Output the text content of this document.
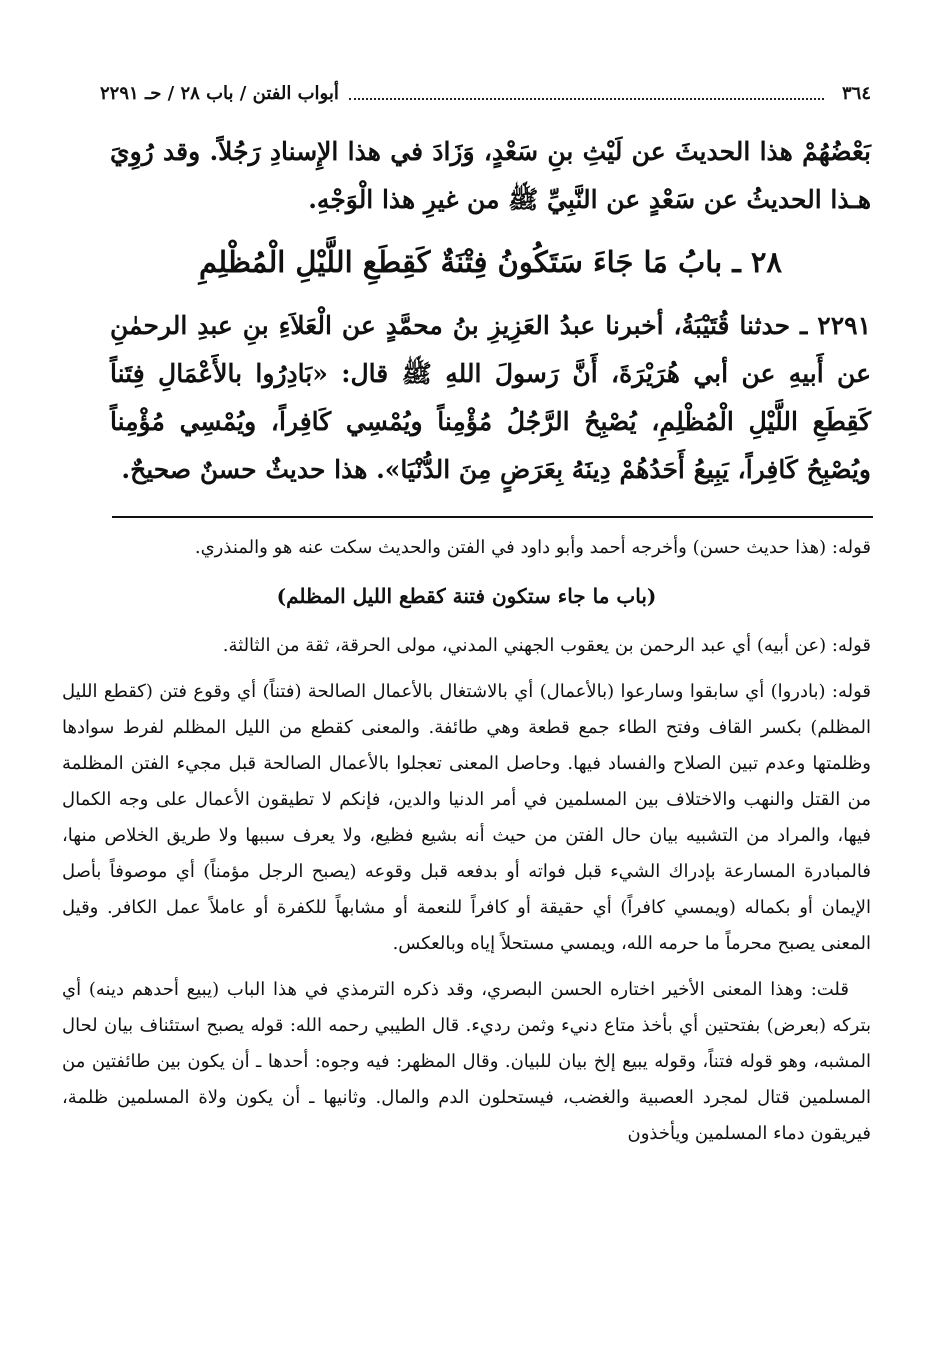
٣٦٤
أبواب الفتن / باب ٢٨ / حـ ٢٢٩١

بَعْضُهُمْ هذا الحديثَ عن لَيْثِ بنِ سَعْدٍ، وَزَادَ في هذا الإِسنادِ رَجُلاً. وقد رُوِيَ هـذا الحديثُ عن سَعْدٍ عن النَّبِيِّ ﷺ من غيرِ هذا الْوَجْهِ.

٢٨ ـ بابُ مَا جَاءَ سَتَكُونُ فِتْنَةٌ كَقِطَعِ اللَّيْلِ الْمُظْلِمِ

٢٢٩١ ـ حدثنا قُتَيْبَةُ، أخبرنا عبدُ العَزِيزِ بنُ محمَّدٍ عن الْعَلاَءِ بنِ عبدِ الرحمٰنِ عن أَبيهِ عن أبي هُرَيْرَةَ، أَنَّ رَسولَ اللهِ ﷺ قال: «بَادِرُوا بالأَعْمَالِ فِتَناً كَقِطَعِ اللَّيْلِ الْمُظْلِمِ، يُصْبِحُ الرَّجُلُ مُؤْمِناً ويُمْسِي كَافِراً، ويُمْسِي مُؤْمِناً ويُصْبِحُ كَافِراً، يَبِيعُ أَحَدُهُمْ دِينَهُ بِعَرَضٍ مِنَ الدُّنْيَا». هذا حديثٌ حسنٌ صحيحٌ.

قوله: (هذا حديث حسن) وأخرجه أحمد وأبو داود في الفتن والحديث سكت عنه هو والمنذري.

(باب ما جاء ستكون فتنة كقطع الليل المظلم)

قوله: (عن أبيه) أي عبد الرحمن بن يعقوب الجهني المدني، مولى الحرقة، ثقة من الثالثة.

قوله: (بادروا) أي سابقوا وسارعوا (بالأعمال) أي بالاشتغال بالأعمال الصالحة (فتناً) أي وقوع فتن (كقطع الليل المظلم) بكسر القاف وفتح الطاء جمع قطعة وهي طائفة. والمعنى كقطع من الليل المظلم لفرط سوادها وظلمتها وعدم تبين الصلاح والفساد فيها. وحاصل المعنى تعجلوا بالأعمال الصالحة قبل مجيء الفتن المظلمة من القتل والنهب والاختلاف بين المسلمين في أمر الدنيا والدين، فإنكم لا تطيقون الأعمال على وجه الكمال فيها، والمراد من التشبيه بيان حال الفتن من حيث أنه بشيع فظيع، ولا يعرف سببها ولا طريق الخلاص منها، فالمبادرة المسارعة بإدراك الشيء قبل فواته أو بدفعه قبل وقوعه (يصبح الرجل مؤمناً) أي موصوفاً بأصل الإيمان أو بكماله (ويمسي كافراً) أي حقيقة أو كافراً للنعمة أو مشابهاً للكفرة أو عاملاً عمل الكافر. وقيل المعنى يصبح محرماً ما حرمه الله، ويمسي مستحلاً إياه وبالعكس.

قلت: وهذا المعنى الأخير اختاره الحسن البصري، وقد ذكره الترمذي في هذا الباب (يبيع أحدهم دينه) أي بتركه (بعرض) بفتحتين أي بأخذ متاع دنيء وثمن رديء. قال الطيبي رحمه الله: قوله يصبح استئناف بيان لحال المشبه، وهو قوله فتناً، وقوله يبيع إلخ بيان للبيان. وقال المظهر: فيه وجوه: أحدها ـ أن يكون بين طائفتين من المسلمين قتال لمجرد العصبية والغضب، فيستحلون الدم والمال. وثانيها ـ أن يكون ولاة المسلمين ظلمة، فيريقون دماء المسلمين ويأخذون
